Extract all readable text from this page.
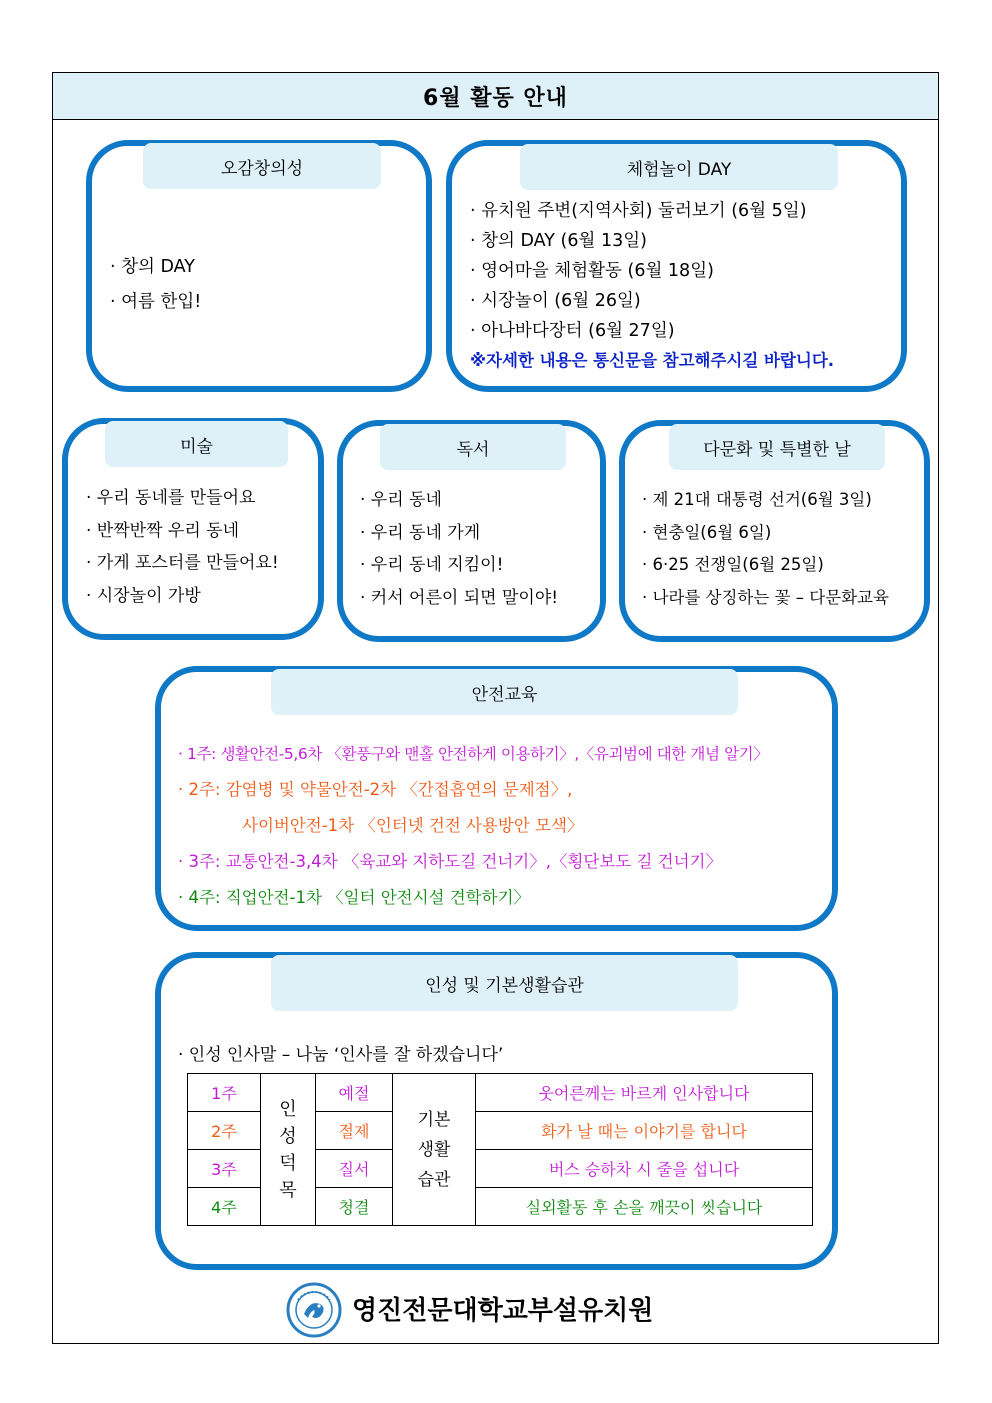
6월 활동 안내
오감창의성
· 창의 DAY
· 여름 한입!
체험놀이 DAY
· 유치원 주변(지역사회) 둘러보기 (6월 5일)
· 창의 DAY (6월 13일)
· 영어마을 체험활동 (6월 18일)
· 시장놀이 (6월 26일)
· 아나바다장터 (6월 27일)
※자세한 내용은 통신문을 참고해주시길 바랍니다.
미술
· 우리 동네를 만들어요
· 반짝반짝 우리 동네
· 가게 포스터를 만들어요!
· 시장놀이 가방
독서
· 우리 동네
· 우리 동네 가게
· 우리 동네 지킴이!
· 커서 어른이 되면 말이야!
다문화 및 특별한 날
· 제 21대 대통령 선거(6월 3일)
· 현충일(6월 6일)
· 6·25 전쟁일(6월 25일)
· 나라를 상징하는 꽃 – 다문화교육
안전교육
· 1주: 생활안전-5,6차 〈환풍구와 맨홀 안전하게 이용하기〉,〈유괴범에 대한 개념 알기〉
· 2주: 감염병 및 약물안전-2차 〈간접흡연의 문제점〉,
사이버안전-1차 〈인터넷 건전 사용방안 모색〉
· 3주: 교통안전-3,4차 〈육교와 지하도길 건너기〉,〈횡단보도 길 건너기〉
· 4주: 직업안전-1차 〈일터 안전시설 견학하기〉
인성 및 기본생활습관
· 인성 인사말 – 나눔 ‘인사를 잘 하겠습니다’
1주	인
성
덕
목	예절	기본
생활
습관	웃어른께는 바르게 인사합니다
2주		절제		화가 날 때는 이야기를 합니다
3주		질서		버스 승하차 시 줄을 섭니다
4주		청결		실외활동 후 손을 깨끗이 씻습니다
영진전문대학교부설유치원
